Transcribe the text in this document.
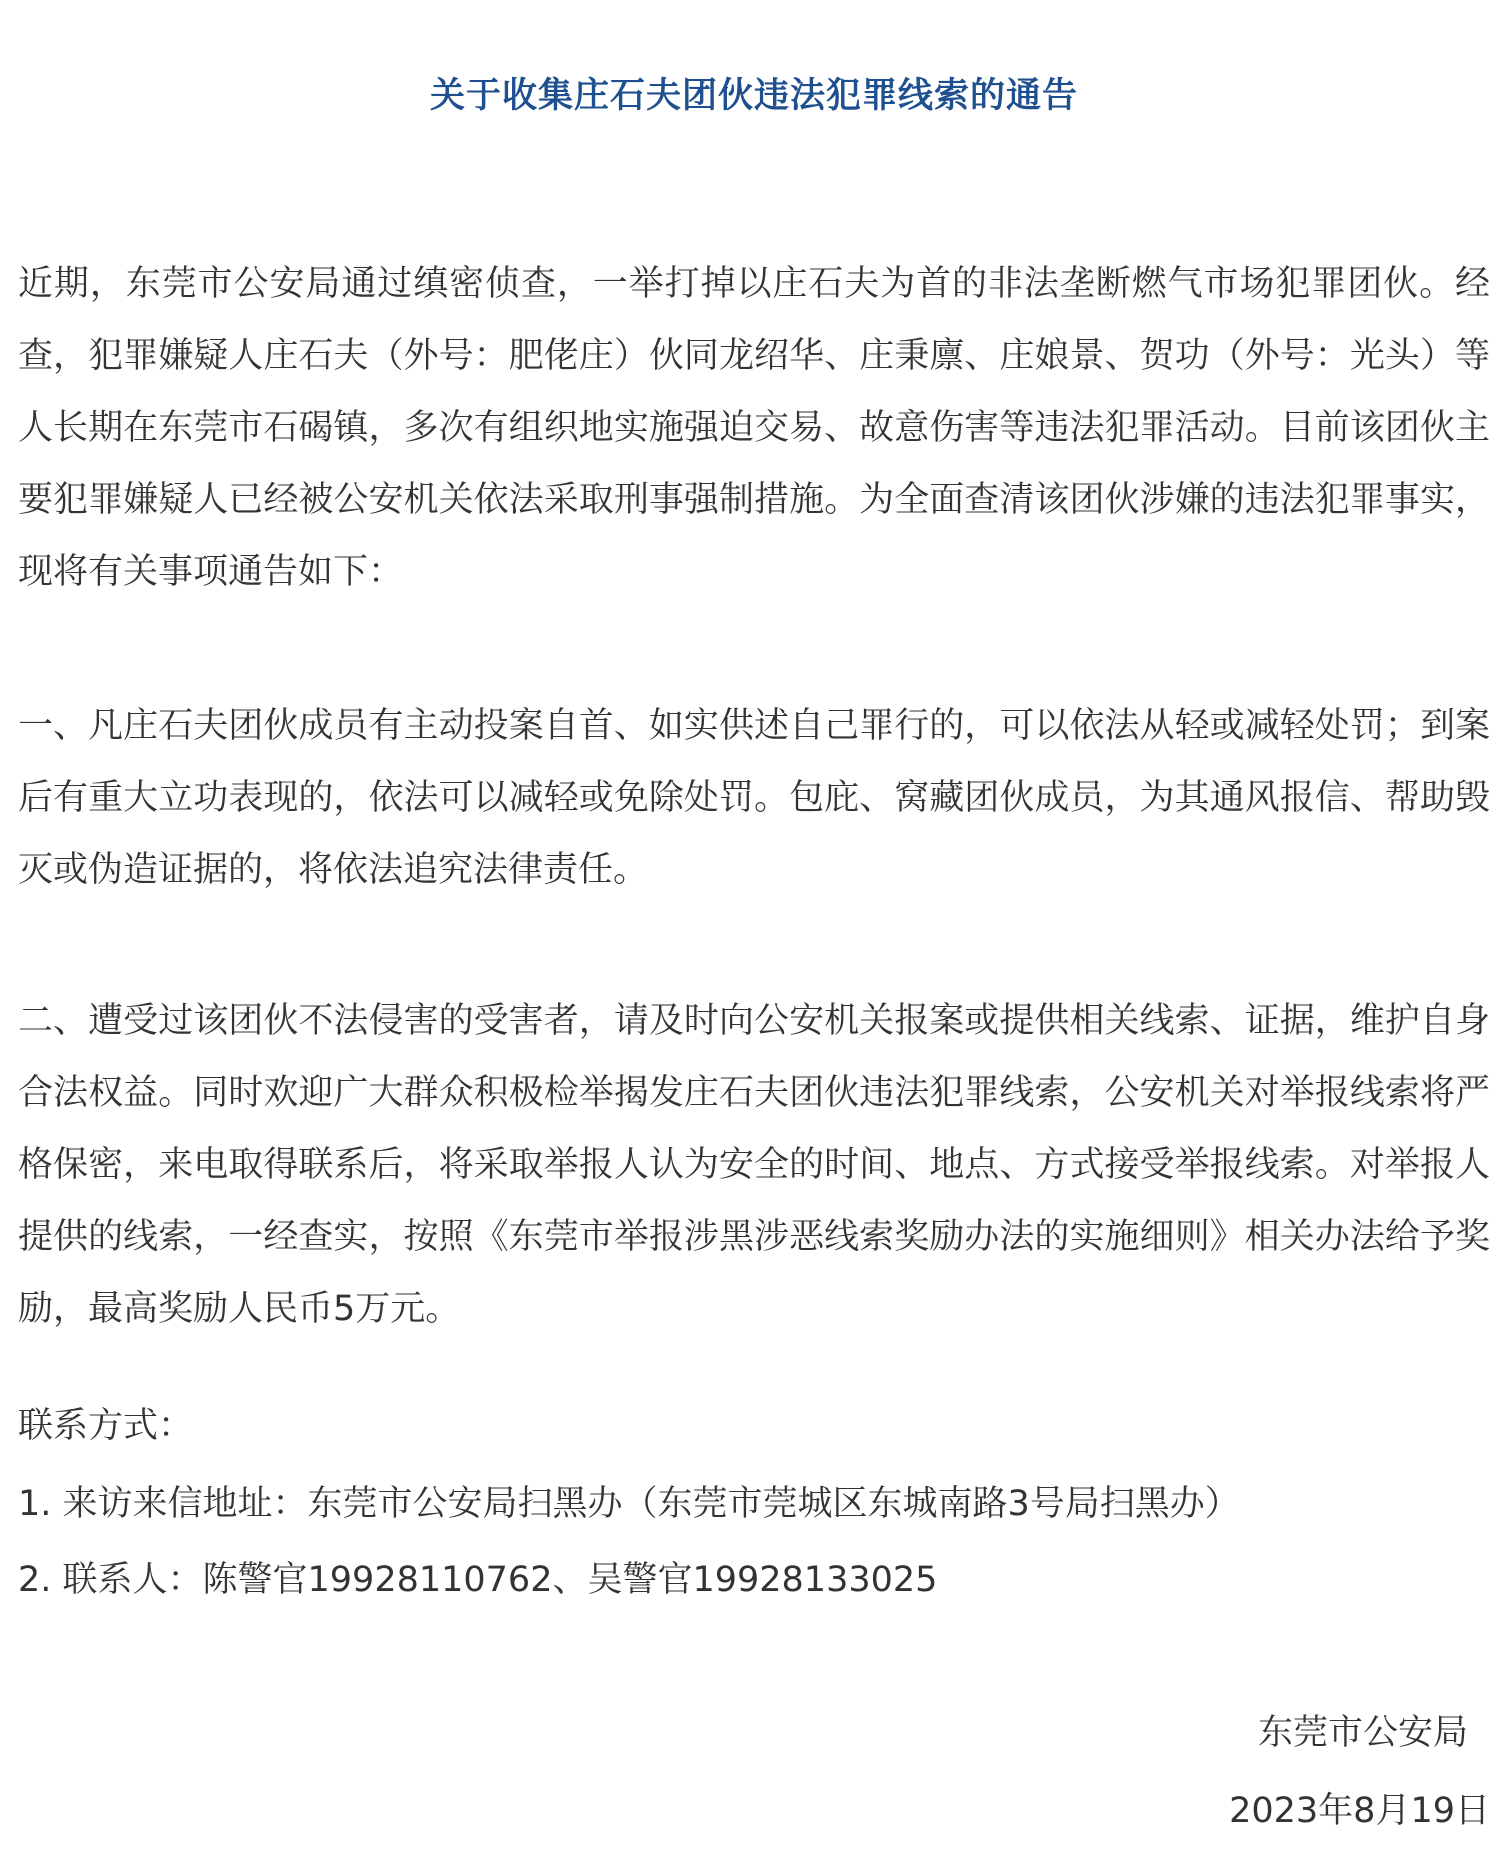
关于收集庄石夫团伙违法犯罪线索的通告

近期，东莞市公安局通过缜密侦查，一举打掉以庄石夫为首的非法垄断燃气市场犯罪团伙。经查，犯罪嫌疑人庄石夫（外号：肥佬庄）伙同龙绍华、庄秉廪、庄娘景、贺功（外号：光头）等人长期在东莞市石碣镇，多次有组织地实施强迫交易、故意伤害等违法犯罪活动。目前该团伙主要犯罪嫌疑人已经被公安机关依法采取刑事强制措施。为全面查清该团伙涉嫌的违法犯罪事实，现将有关事项通告如下：

一、凡庄石夫团伙成员有主动投案自首、如实供述自己罪行的，可以依法从轻或减轻处罚；到案后有重大立功表现的，依法可以减轻或免除处罚。包庇、窝藏团伙成员，为其通风报信、帮助毁灭或伪造证据的，将依法追究法律责任。

二、遭受过该团伙不法侵害的受害者，请及时向公安机关报案或提供相关线索、证据，维护自身合法权益。同时欢迎广大群众积极检举揭发庄石夫团伙违法犯罪线索，公安机关对举报线索将严格保密，来电取得联系后，将采取举报人认为安全的时间、地点、方式接受举报线索。对举报人提供的线索，一经查实，按照《东莞市举报涉黑涉恶线索奖励办法的实施细则》相关办法给予奖励，最高奖励人民币5万元。

联系方式：
1. 来访来信地址：东莞市公安局扫黑办（东莞市莞城区东城南路3号局扫黑办）
2. 联系人：陈警官19928110762、吴警官19928133025
东莞市公安局
2023年8月19日
